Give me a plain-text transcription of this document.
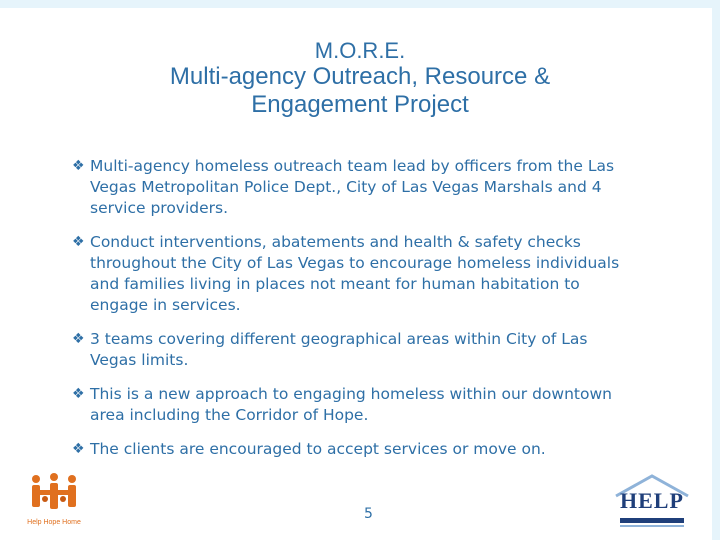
M.O.R.E.
Multi-agency Outreach, Resource &
Engagement Project
❖ Multi-agency homeless outreach team lead by officers from the Las Vegas Metropolitan Police Dept., City of Las Vegas Marshals and 4 service providers.
❖ Conduct interventions, abatements and health & safety checks throughout the City of Las Vegas to encourage homeless individuals and families living in places not meant for human habitation to engage in services.
❖ 3 teams covering different geographical areas within City of Las Vegas limits.
❖ This is a new approach to engaging homeless within our downtown area including the Corridor of Hope.
❖ The clients are encouraged to accept services or move on.
Help Hope Home
5
HELP
